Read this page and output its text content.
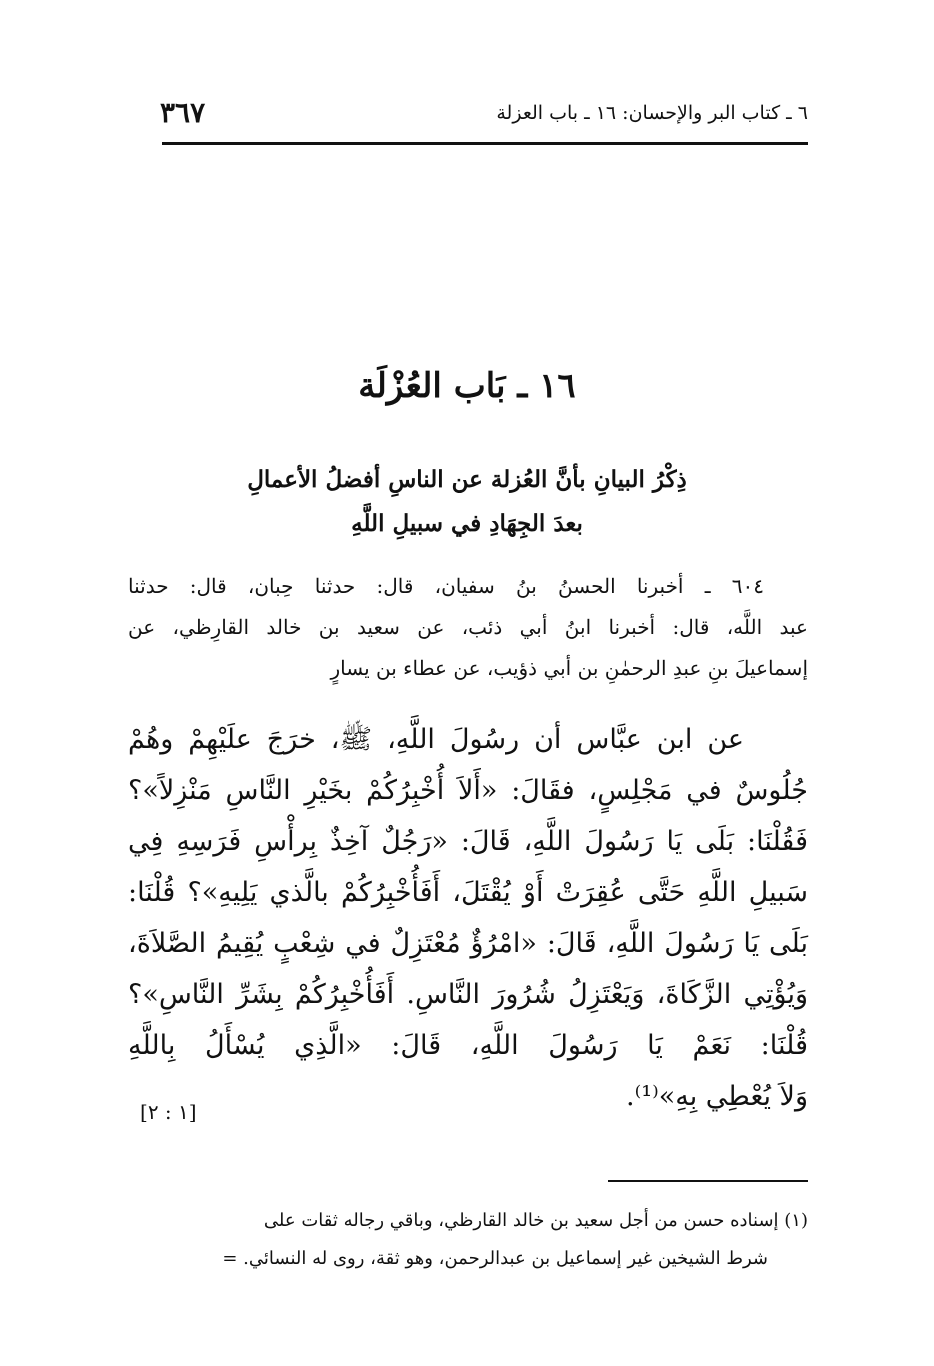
٦ ـ كتاب البر والإحسان: ١٦ ـ باب العزلة
٣٦٧
١٦ ـ بَاب العُزْلَة
ذِكْرُ البيانِ بأنَّ العُزلة عن الناسِ أفضلُ الأعمالِ
بعدَ الجِهَادِ في سبيلِ اللَّهِ
٦٠٤ ـ أخبرنا الحسنُ بنُ سفيان، قال: حدثنا حِبان، قال: حدثنا
عبد اللَّه، قال: أخبرنا ابنُ أبي ذئب، عن سعيد بن خالد القارِظي، عن
إسماعيلَ بنِ عبدِ الرحمٰنِ بن أبي ذؤيب، عن عطاء بن يسارٍ
عن ابن عبَّاس أن رسُولَ اللَّهِ، ﷺ، خرَجَ علَيْهِمْ وهُمْ
جُلُوسٌ في مَجْلِسٍ، فقَالَ: «أَلاَ أُخْبِرُكُمْ بخَيْرِ النَّاسِ مَنْزِلاً»؟
فَقُلْنَا: بَلَى يَا رَسُولَ اللَّهِ، قَالَ: «رَجُلٌ آخِذٌ بِرأْسِ فَرَسِهِ فِي
سَبيلِ اللَّهِ حَتَّى عُقِرَتْ أَوْ يُقْتَلَ، أَفَأُخْبِرُكُمْ بالَّذي يَلِيهِ»؟ قُلْنَا:
بَلَى يَا رَسُولَ اللَّهِ، قَالَ: «امْرُؤٌ مُعْتَزِلٌ في شِعْبٍ يُقِيمُ الصَّلاَةَ،
وَيُؤْتِي الزَّكَاةَ، وَيَعْتَزِلُ شُرُورَ النَّاسِ. أَفَأُخْبِرُكُمْ بِشَرِّ النَّاسِ»؟
قُلْنَا: نَعَمْ يَا رَسُولَ اللَّهِ، قَالَ: «الَّذِي يُسْأَلُ بِاللَّهِ
وَلاَ يُعْطِي بِهِ»⁽¹⁾.
[١ : ٢]
(١) إسناده حسن من أجل سعيد بن خالد القارظي، وباقي رجاله ثقات على
شرط الشيخين غير إسماعيل بن عبدالرحمن، وهو ثقة، روى له النسائي. =
